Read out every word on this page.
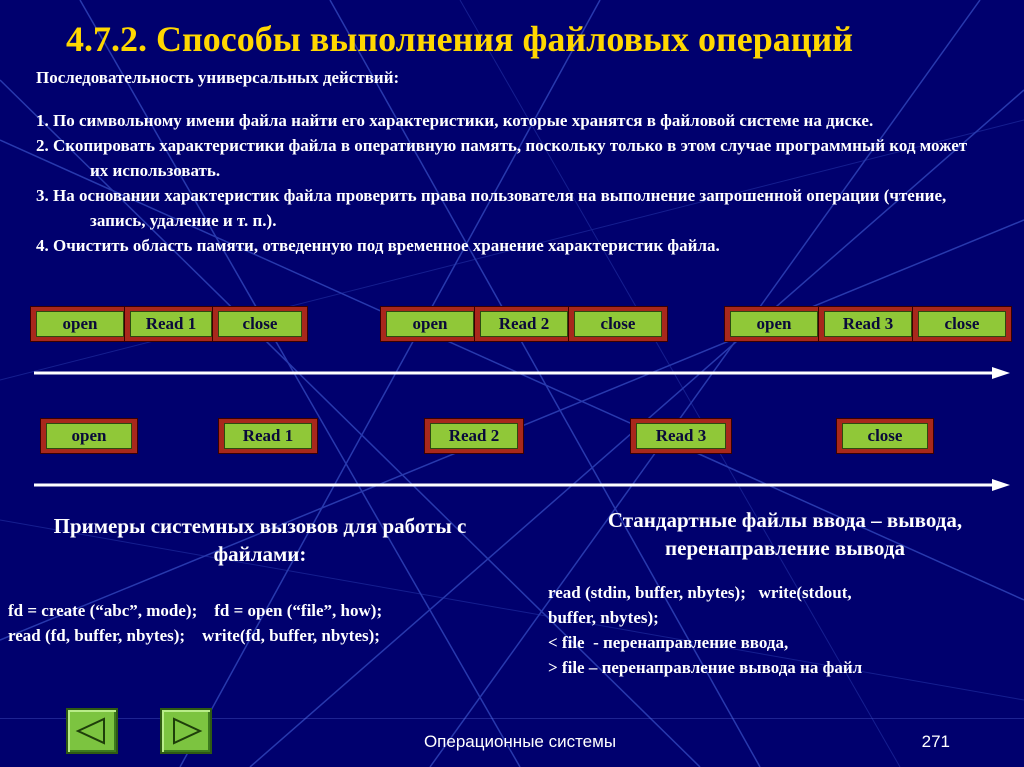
4.7.2. Способы выполнения файловых операций
Последовательность универсальных действий:

1. По символьному имени файла найти его характеристики, которые хранятся в файловой системе на диске.

2. Скопировать характеристики файла в оперативную память, поскольку только в этом случае программный код может их использовать.

3. На основании характеристик файла проверить права пользователя на выполнение запрошенной операции (чтение, запись, удаление и т. п.).

4. Очистить область памяти, отведенную под временное хранение характеристик файла.

open	Read 1	close	open	Read 2	close	open	Read 3	close
open	Read 1	Read 2	Read 3	close
Примеры системных вызовов для работы с файлами:
fd = create (“abc”, mode);    fd = open (“file”, how);
read (fd, buffer, nbytes);    write(fd, buffer, nbytes);
Стандартные файлы ввода – вывода, перенаправление вывода
read (stdin, buffer, nbytes);   write(stdout,
buffer, nbytes);
< file  - перенаправление ввода,
> file – перенаправление вывода на файл
Операционные системы	271
